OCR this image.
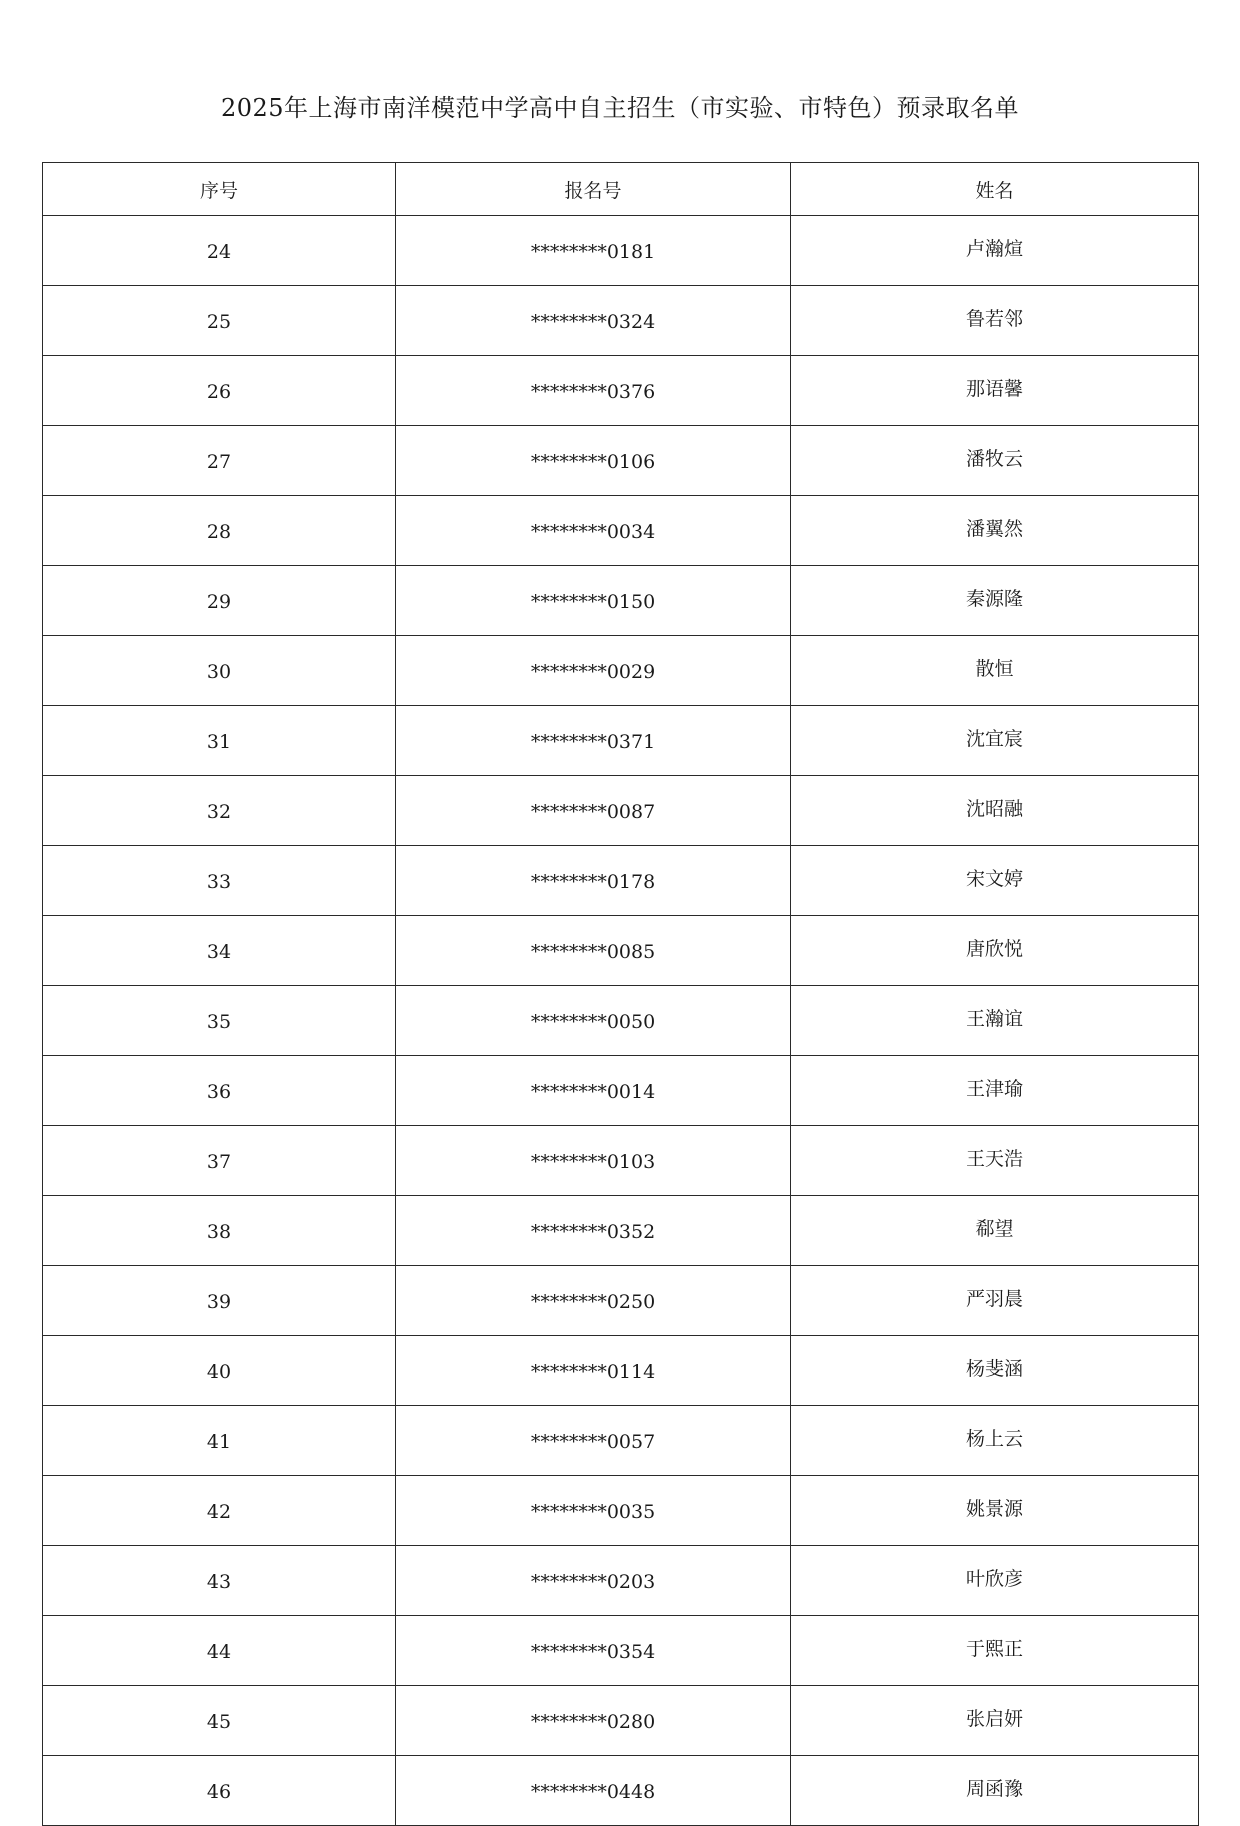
2025年上海市南洋模范中学高中自主招生（市实验、市特色）预录取名单
序号	报名号	姓名
24	********0181	卢瀚煊
25	********0324	鲁若邻
26	********0376	那语馨
27	********0106	潘牧云
28	********0034	潘翼然
29	********0150	秦源隆
30	********0029	散恒
31	********0371	沈宜宸
32	********0087	沈昭融
33	********0178	宋文婷
34	********0085	唐欣悦
35	********0050	王瀚谊
36	********0014	王津瑜
37	********0103	王天浩
38	********0352	郗望
39	********0250	严羽晨
40	********0114	杨斐涵
41	********0057	杨上云
42	********0035	姚景源
43	********0203	叶欣彦
44	********0354	于熙正
45	********0280	张启妍
46	********0448	周函豫
